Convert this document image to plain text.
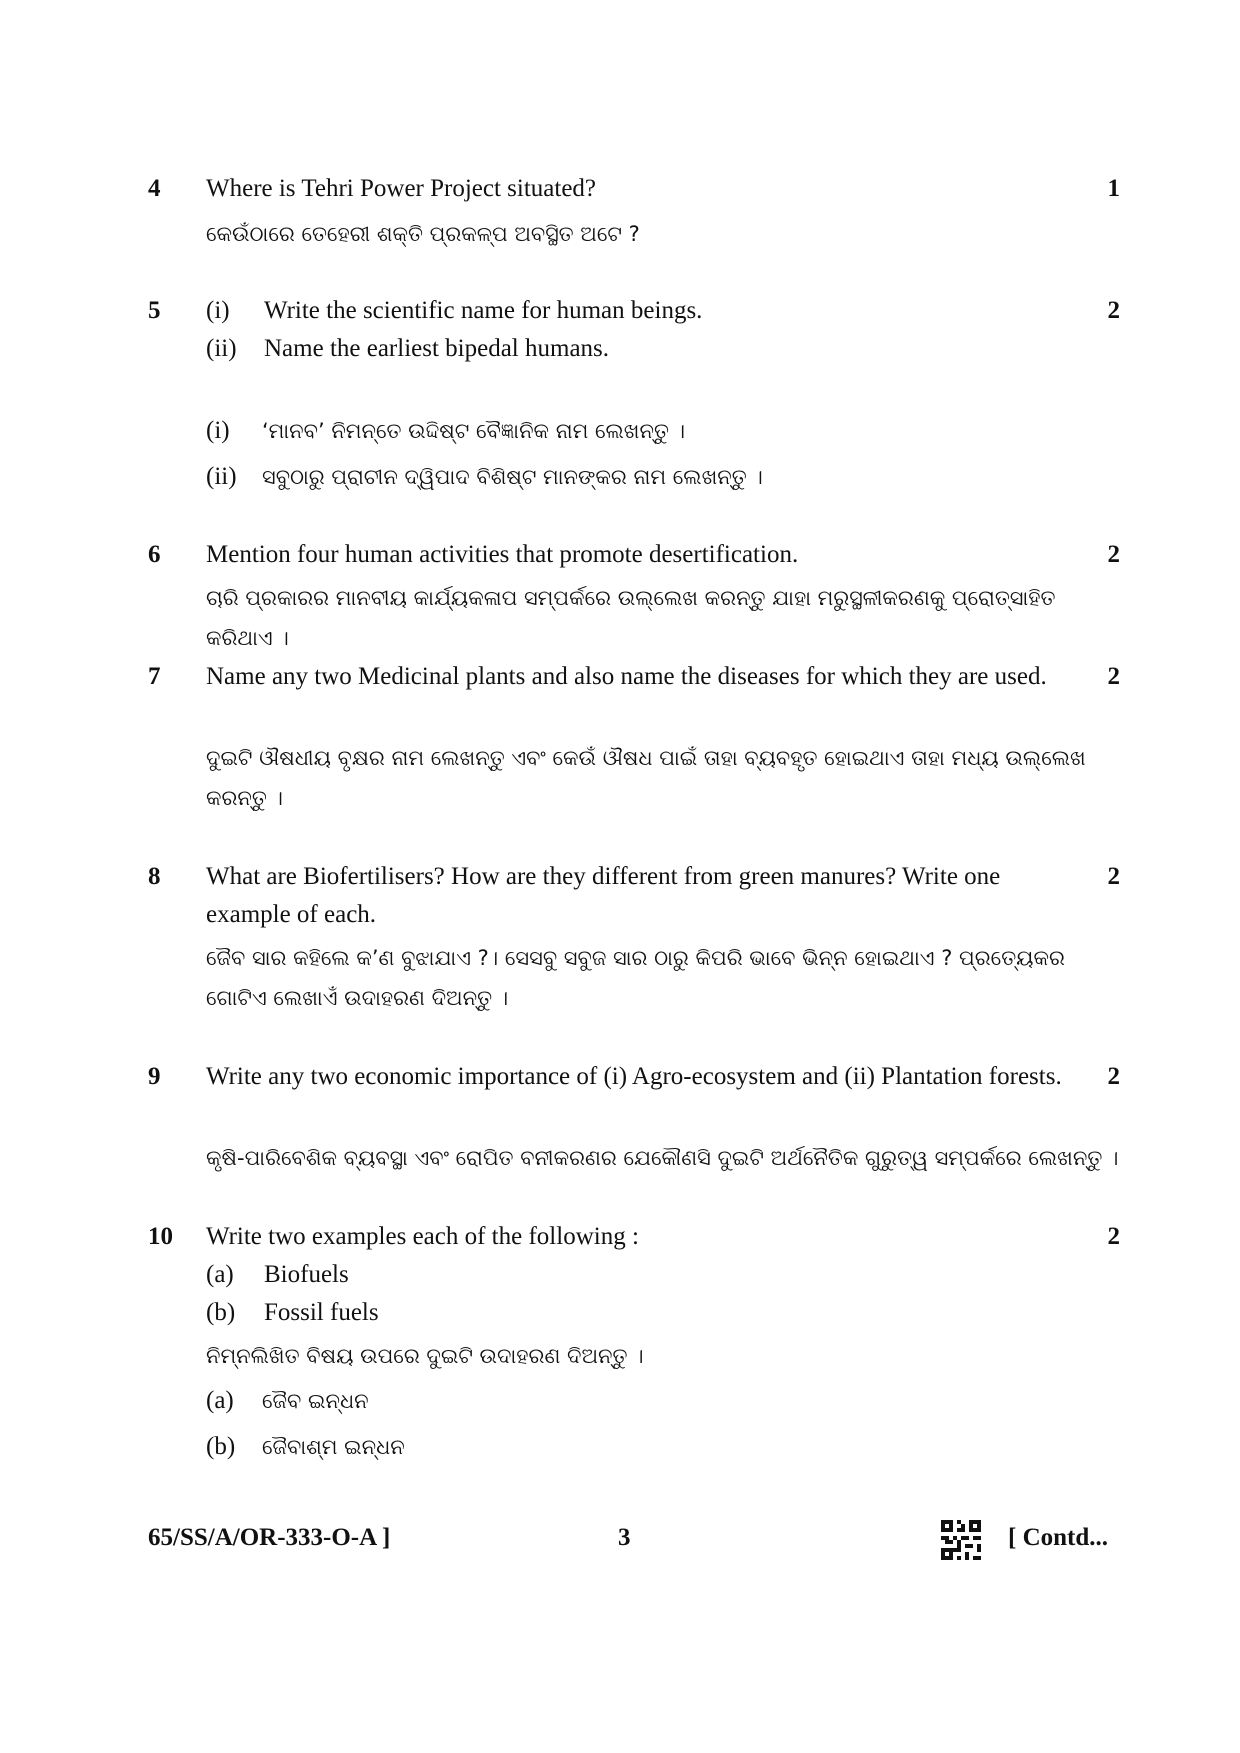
4 Where is Tehri Power Project situated?
କେଉଁଠାରେ ତେହେରୀ ଶକ୍ତି ପ୍ରକଳ୍ପ ଅବସ୍ଥିତ ଅଟେ ?
1
5 (i) Write the scientific name for human beings.
(ii) Name the earliest bipedal humans.
(i) ‘ମାନବ’ ନିମନ୍ତେ ଉଦ୍ଦିଷ୍ଟ ବୈଜ୍ଞାନିକ ନାମ ଲେଖନ୍ତୁ ।
(ii) ସବୁଠାରୁ ପ୍ରାଚୀନ ଦ୍ୱିପାଦ ବିଶିଷ୍ଟ ମାନଙ୍କର ନାମ ଲେଖନ୍ତୁ ।
2
6 Mention four human activities that promote desertification.
ଚାରି ପ୍ରକାରର ମାନବୀୟ କାର୍ଯ୍ୟକଳାପ ସମ୍ପର୍କରେ ଉଲ୍ଲେଖ କରନ୍ତୁ ଯାହା ମରୁସ୍ଥଳୀକରଣକୁ ପ୍ରୋତ୍ସାହିତ କରିଥାଏ ।
2
7 Name any two Medicinal plants and also name the diseases for which they are used.
ଦୁଇଟି ଔଷଧୀୟ ବୃକ୍ଷର ନାମ ଲେଖନ୍ତୁ ଏବଂ କେଉଁ ଔଷଧ ପାଇଁ ତାହା ବ୍ୟବହୃତ ହୋଇଥାଏ ତାହା ମଧ୍ୟ ଉଲ୍ଲେଖ କରନ୍ତୁ ।
2
8 What are Biofertilisers? How are they different from green manures? Write one example of each.
ଜୈବ ସାର କହିଲେ କ’ଣ ବୁଝାଯାଏ ?। ସେସବୁ ସବୁଜ ସାର ଠାରୁ କିପରି ଭାବେ ଭିନ୍ନ ହୋଇଥାଏ ? ପ୍ରତ୍ୟେକର ଗୋଟିଏ ଲେଖାଏଁ ଉଦାହରଣ ଦିଅନ୍ତୁ ।
2
9 Write any two economic importance of (i) Agro-ecosystem and (ii) Plantation forests.
କୃଷି-ପାରିବେଶିକ ବ୍ୟବସ୍ଥା ଏବଂ ରୋପିତ ବନୀକରଣର ଯେକୌଣସି ଦୁଇଟି ଅର୍ଥନୈତିକ ଗୁରୁତ୍ୱ ସମ୍ପର୍କରେ ଲେଖନ୍ତୁ ।
2
10 Write two examples each of the following :
(a) Biofuels
(b) Fossil fuels
ନିମ୍ନଲିଖିତ ବିଷୟ ଉପରେ ଦୁଇଟି ଉଦାହରଣ ଦିଅନ୍ତୁ ।
(a) ଜୈବ ଇନ୍ଧନ
(b) ଜୈବାଶ୍ମ ଇନ୍ଧନ
2
65/SS/A/OR-333-O-A ]	3	[ Contd...
